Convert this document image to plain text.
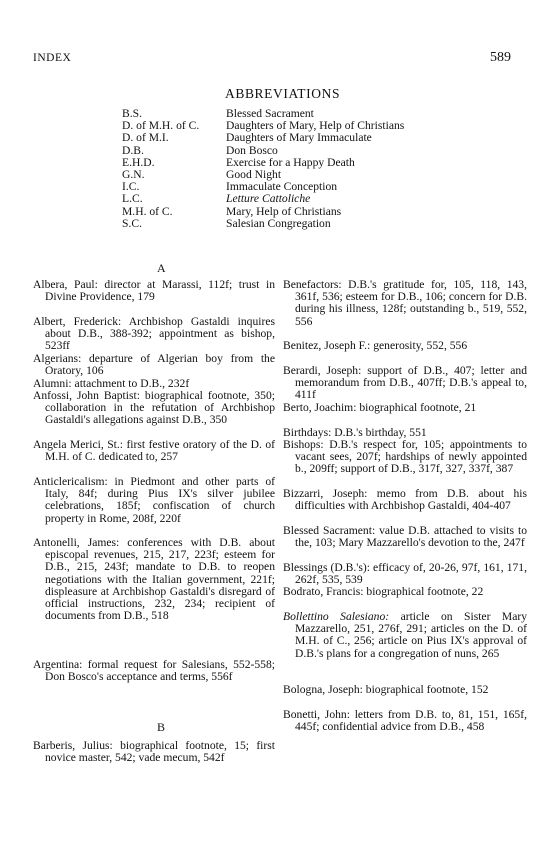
INDEX	589
ABBREVIATIONS
B.S.	Blessed Sacrament
D. of M.H. of C.	Daughters of Mary, Help of Christians
D. of M.I.	Daughters of Mary Immaculate
D.B.	Don Bosco
E.H.D.	Exercise for a Happy Death
G.N.	Good Night
I.C.	Immaculate Conception
L.C.	Letture Cattoliche
M.H. of C.	Mary, Help of Christians
S.C.	Salesian Congregation
A
Albera, Paul: director at Marassi, 112f; trust in Divine Providence, 179
Albert, Frederick: Archbishop Gastaldi inquires about D.B., 388-392; appointment as bishop, 523ff
Algerians: departure of Algerian boy from the Oratory, 106
Alumni: attachment to D.B., 232f
Anfossi, John Baptist: biographical footnote, 350; collaboration in the refutation of Archbishop Gastaldi's allegations against D.B., 350
Angela Merici, St.: first festive oratory of the D. of M.H. of C. dedicated to, 257
Anticlericalism: in Piedmont and other parts of Italy, 84f; during Pius IX's silver jubilee celebrations, 185f; confiscation of church property in Rome, 208f, 220f
Antonelli, James: conferences with D.B. about episcopal revenues, 215, 217, 223f; esteem for D.B., 215, 243f; mandate to D.B. to reopen negotiations with the Italian government, 221f; displeasure at Archbishop Gastaldi's disregard of official instructions, 232, 234; recipient of documents from D.B., 518
Argentina: formal request for Salesians, 552-558; Don Bosco's acceptance and terms, 556f
B
Barberis, Julius: biographical footnote, 15; first novice master, 542; vade mecum, 542f
Benefactors: D.B.'s gratitude for, 105, 118, 143, 361f, 536; esteem for D.B., 106; concern for D.B. during his illness, 128f; outstanding b., 519, 552, 556
Benitez, Joseph F.: generosity, 552, 556
Berardi, Joseph: support of D.B., 407; letter and memorandum from D.B., 407ff; D.B.'s appeal to, 411f
Berto, Joachim: biographical footnote, 21
Birthdays: D.B.'s birthday, 551
Bishops: D.B.'s respect for, 105; appointments to vacant sees, 207f; hardships of newly appointed b., 209ff; support of D.B., 317f, 327, 337f, 387
Bizzarri, Joseph: memo from D.B. about his difficulties with Archbishop Gastaldi, 404-407
Blessed Sacrament: value D.B. attached to visits to the, 103; Mary Mazzarello's devotion to the, 247f
Blessings (D.B.'s): efficacy of, 20-26, 97f, 161, 171, 262f, 535, 539
Bodrato, Francis: biographical footnote, 22
Bollettino Salesiano: article on Sister Mary Mazzarello, 251, 276f, 291; articles on the D. of M.H. of C., 256; article on Pius IX's approval of D.B.'s plans for a congregation of nuns, 265
Bologna, Joseph: biographical footnote, 152
Bonetti, John: letters from D.B. to, 81, 151, 165f, 445f; confidential advice from D.B., 458
